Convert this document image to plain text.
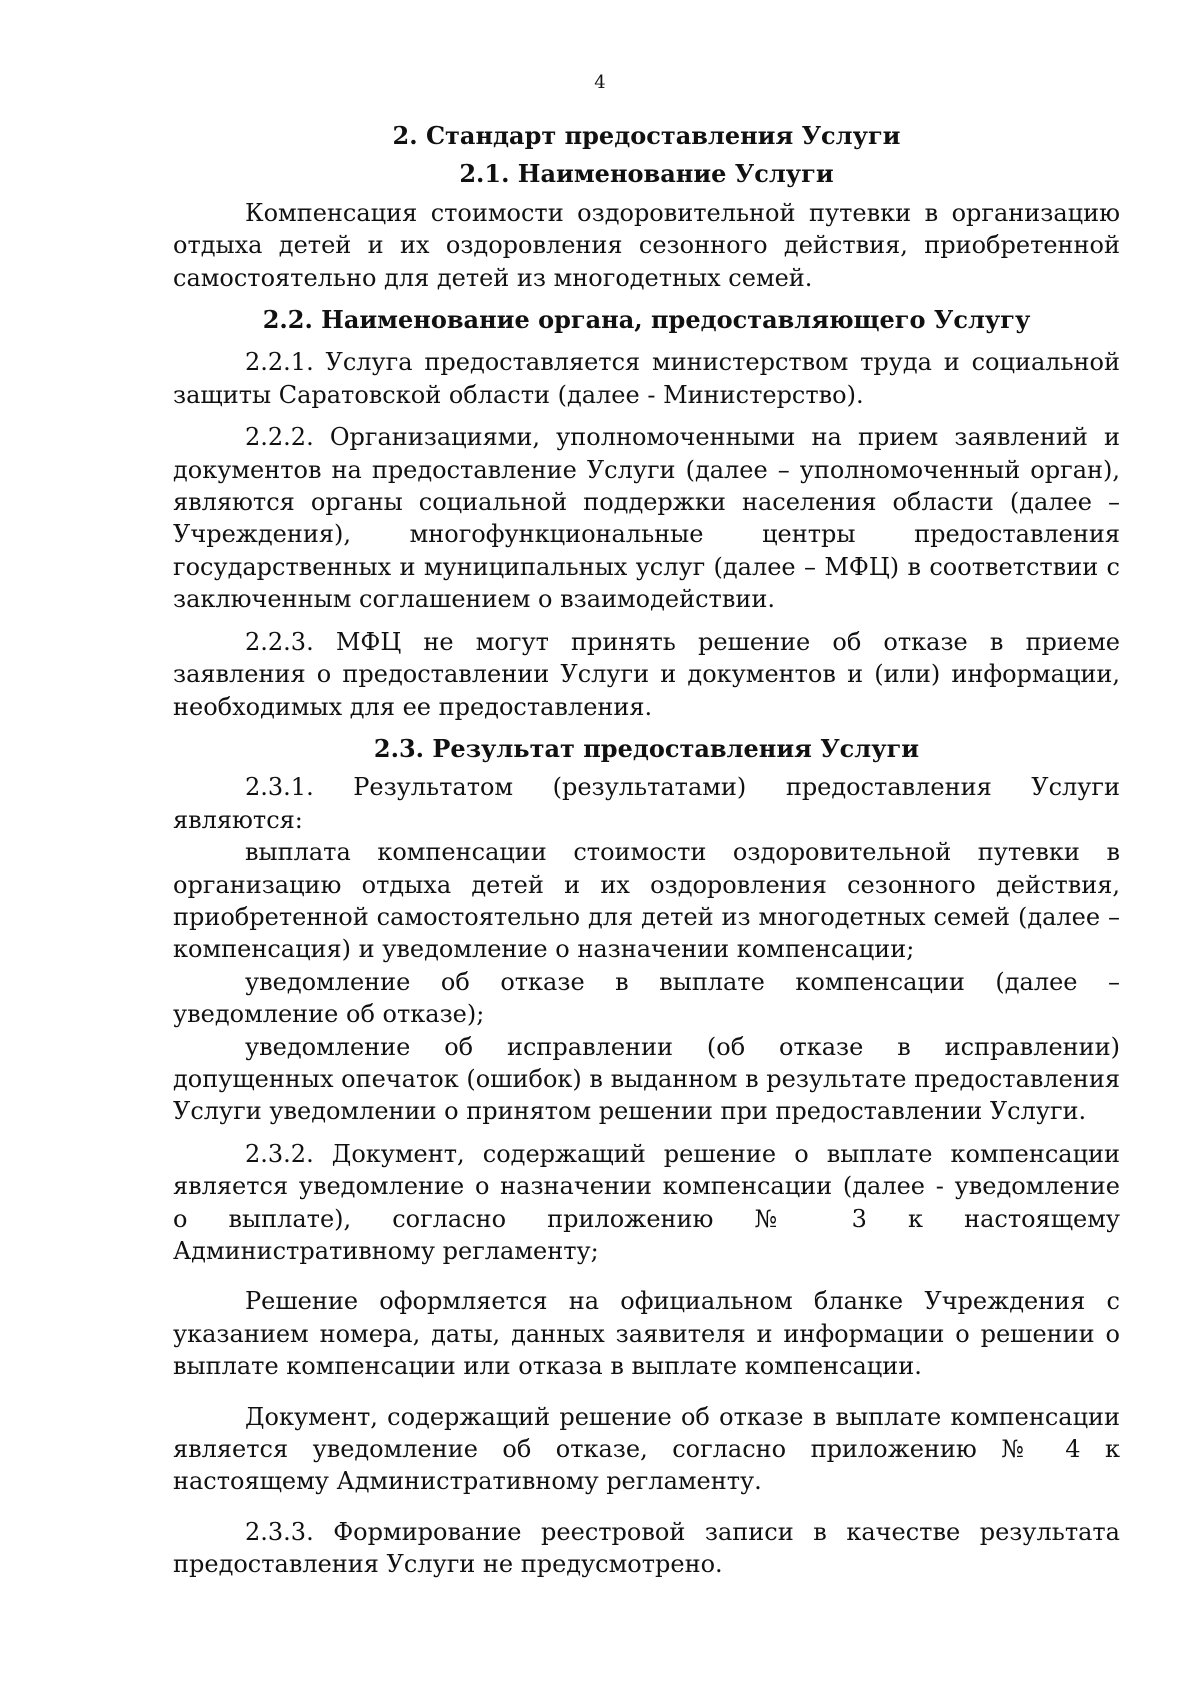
4
2. Стандарт предоставления Услуги
2.1. Наименование Услуги

Компенсация стоимости оздоровительной путевки в организацию отдыха детей и их оздоровления сезонного действия, приобретенной самостоятельно для детей из многодетных семей.

2.2. Наименование органа, предоставляющего Услугу

2.2.1. Услуга предоставляется министерством труда и социальной защиты Саратовской области (далее - Министерство).

2.2.2. Организациями, уполномоченными на прием заявлений и документов на предоставление Услуги (далее – уполномоченный орган), являются органы социальной поддержки населения области (далее – Учреждения), многофункциональные центры предоставления государственных и муниципальных услуг (далее – МФЦ) в соответствии с заключенным соглашением о взаимодействии.

2.2.3. МФЦ не могут принять решение об отказе в приеме заявления о предоставлении Услуги и документов и (или) информации, необходимых для ее предоставления.

2.3. Результат предоставления Услуги

2.3.1. Результатом (результатами) предоставления Услуги являются:

выплата компенсации стоимости оздоровительной путевки в организацию отдыха детей и их оздоровления сезонного действия, приобретенной самостоятельно для детей из многодетных семей (далее – компенсация) и уведомление о назначении компенсации;

уведомление об отказе в выплате компенсации (далее – уведомление об отказе);

уведомление об исправлении (об отказе в исправлении) допущенных опечаток (ошибок) в выданном в результате предоставления Услуги уведомлении о принятом решении при предоставлении Услуги.

2.3.2. Документ, содержащий решение о выплате компенсации является уведомление о назначении компенсации (далее - уведомление о выплате), согласно приложению № 3 к настоящему Административному регламенту;

Решение оформляется на официальном бланке Учреждения с указанием номера, даты, данных заявителя и информации о решении о выплате компенсации или отказа в выплате компенсации.

Документ, содержащий решение об отказе в выплате компенсации является уведомление об отказе, согласно приложению № 4 к настоящему Административному регламенту.

2.3.3. Формирование реестровой записи в качестве результата предоставления Услуги не предусмотрено.
